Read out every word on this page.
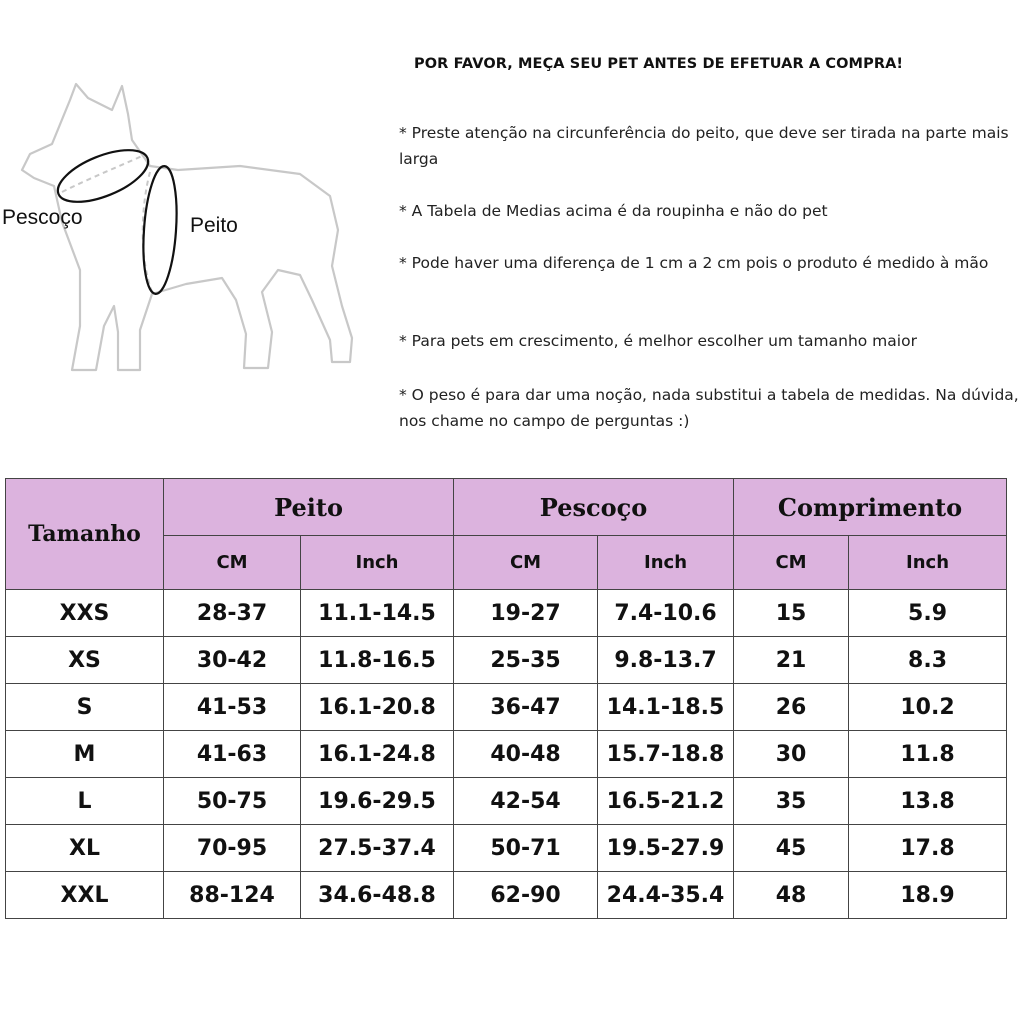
Pescoço	Peito
POR FAVOR, MEÇA SEU PET ANTES DE EFETUAR A COMPRA!
* Preste atenção na circunferência do peito, que deve ser tirada na parte mais larga
* A Tabela de Medias acima é da roupinha e não do pet
* Pode haver uma diferença de 1 cm a 2 cm pois o produto é medido à mão
* Para pets em crescimento, é melhor escolher um tamanho maior
* O peso é para dar uma noção, nada substitui a tabela de medidas. Na dúvida, nos chame no campo de perguntas :)
Tamanho	Peito		Pescoço		Comprimento	
	CM	Inch	CM	Inch	CM	Inch
XXS	28-37	11.1-14.5	19-27	7.4-10.6	15	5.9
XS	30-42	11.8-16.5	25-35	9.8-13.7	21	8.3
S	41-53	16.1-20.8	36-47	14.1-18.5	26	10.2
M	41-63	16.1-24.8	40-48	15.7-18.8	30	11.8
L	50-75	19.6-29.5	42-54	16.5-21.2	35	13.8
XL	70-95	27.5-37.4	50-71	19.5-27.9	45	17.8
XXL	88-124	34.6-48.8	62-90	24.4-35.4	48	18.9
